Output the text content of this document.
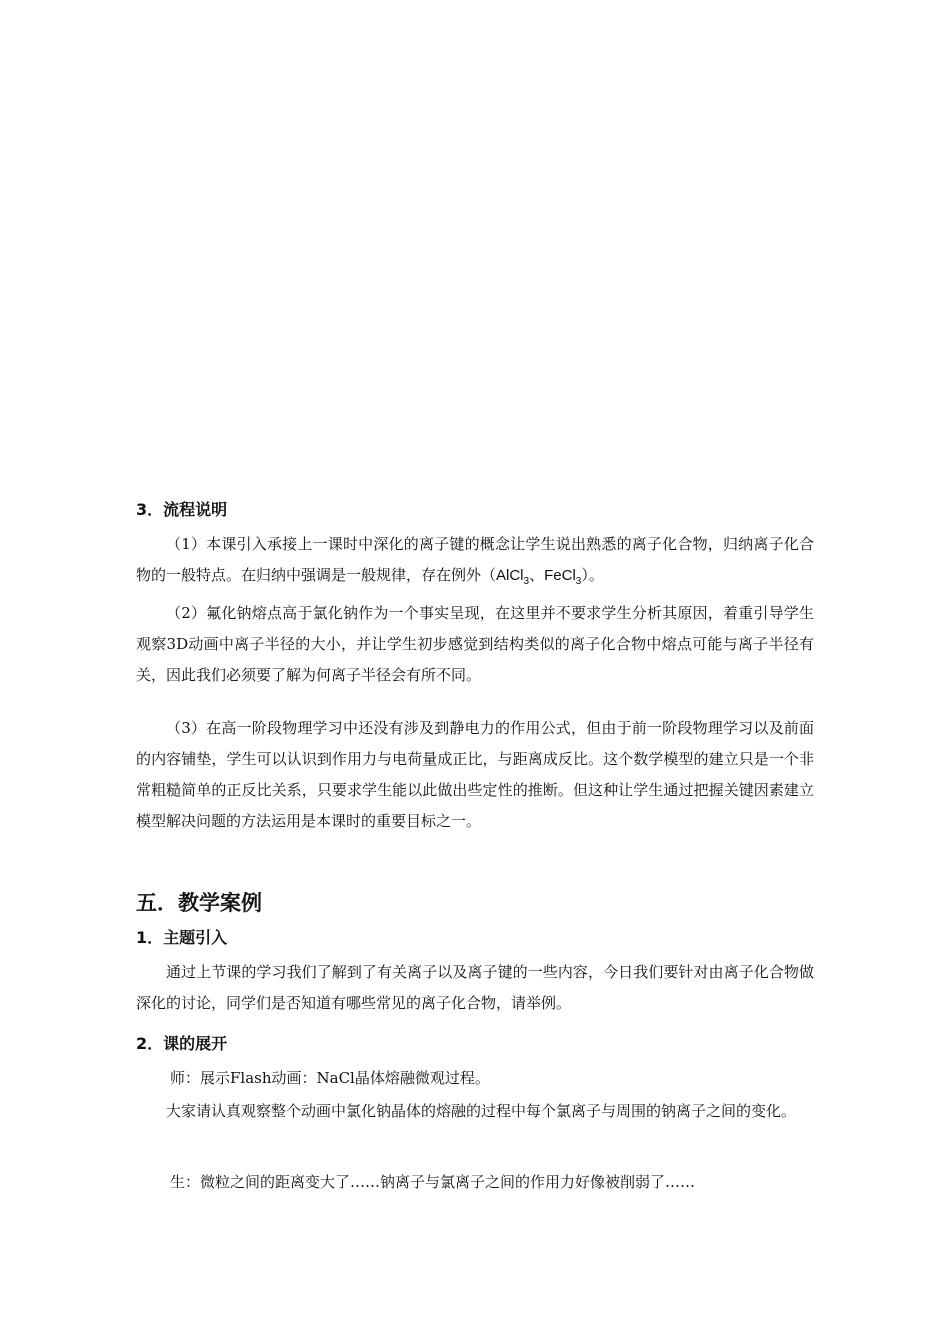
3．流程说明

（1）本课引入承接上一课时中深化的离子键的概念让学生说出熟悉的离子化合物，归纳离子化合物的一般特点。在归纳中强调是一般规律，存在例外（AlCl$_3$、FeCl$_3$）。

（2）氟化钠熔点高于氯化钠作为一个事实呈现，在这里并不要求学生分析其原因，着重引导学生观察3D动画中离子半径的大小，并让学生初步感觉到结构类似的离子化合物中熔点可能与离子半径有关，因此我们必须要了解为何离子半径会有所不同。

（3）在高一阶段物理学习中还没有涉及到静电力的作用公式，但由于前一阶段物理学习以及前面的内容铺垫，学生可以认识到作用力与电荷量成正比，与距离成反比。这个数学模型的建立只是一个非常粗糙简单的正反比关系，只要求学生能以此做出些定性的推断。但这种让学生通过把握关键因素建立模型解决问题的方法运用是本课时的重要目标之一。

五．教学案例
1．主题引入

通过上节课的学习我们了解到了有关离子以及离子键的一些内容，今日我们要针对由离子化合物做深化的讨论，同学们是否知道有哪些常见的离子化合物，请举例。

2．课的展开

师：展示Flash动画：NaCl晶体熔融微观过程。

大家请认真观察整个动画中氯化钠晶体的熔融的过程中每个氯离子与周围的钠离子之间的变化。

生：微粒之间的距离变大了……钠离子与氯离子之间的作用力好像被削弱了……
